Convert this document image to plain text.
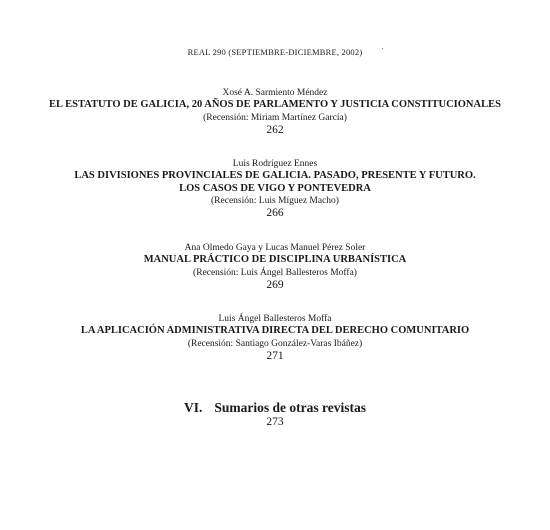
REAL 290 (SEPTIEMBRE-DICIEMBRE, 2002)
Xosé A. Sarmiento Méndez
EL ESTATUTO DE GALICIA, 20 AÑOS DE PARLAMENTO Y JUSTICIA CONSTITUCIONALES
(Recensión: Miriam Martínez García)
262
Luis Rodríguez Ennes
LAS DIVISIONES PROVINCIALES DE GALICIA. PASADO, PRESENTE Y FUTURO.
LOS CASOS DE VIGO Y PONTEVEDRA
(Recensión: Luis Míguez Macho)
266
Ana Olmedo Gaya y Lucas Manuel Pérez Soler
MANUAL PRÁCTICO DE DISCIPLINA URBANÍSTICA
(Recensión: Luis Ángel Ballesteros Moffa)
269
Luis Ángel Ballesteros Moffa
LA APLICACIÓN ADMINISTRATIVA DIRECTA DEL DERECHO COMUNITARIO
(Recensión: Santiago González-Varas Ibáñez)
271
VI. Sumarios de otras revistas
273
